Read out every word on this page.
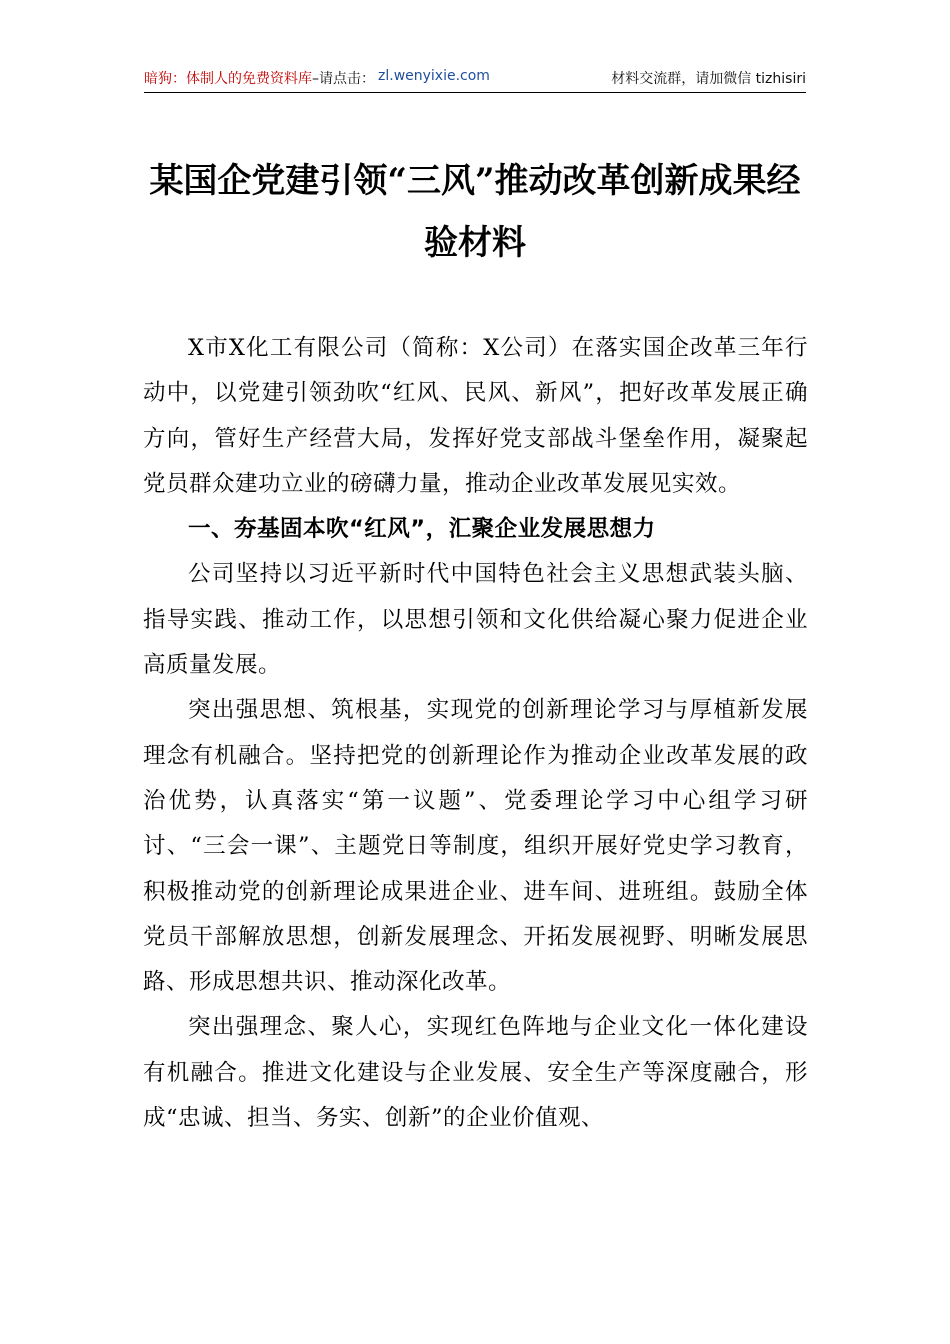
暗狗：体制人的免费资料库–请点击： zl.wenyixie.com	材料交流群，请加微信 tizhisiri
某国企党建引领“三风”推动改革创新成果经验材料

X市X化工有限公司（简称：X公司）在落实国企改革三年行动中，以党建引领劲吹“红风、民风、新风”，把好改革发展正确方向，管好生产经营大局，发挥好党支部战斗堡垒作用，凝聚起党员群众建功立业的磅礴力量，推动企业改革发展见实效。

一、夯基固本吹“红风”，汇聚企业发展思想力

公司坚持以习近平新时代中国特色社会主义思想武装头脑、指导实践、推动工作，以思想引领和文化供给凝心聚力促进企业高质量发展。

突出强思想、筑根基，实现党的创新理论学习与厚植新发展理念有机融合。坚持把党的创新理论作为推动企业改革发展的政治优势，认真落实“第一议题”、党委理论学习中心组学习研讨、“三会一课”、主题党日等制度，组织开展好党史学习教育，积极推动党的创新理论成果进企业、进车间、进班组。鼓励全体党员干部解放思想，创新发展理念、开拓发展视野、明晰发展思路、形成思想共识、推动深化改革。

突出强理念、聚人心，实现红色阵地与企业文化一体化建设有机融合。推进文化建设与企业发展、安全生产等深度融合，形成“忠诚、担当、务实、创新”的企业价值观、
